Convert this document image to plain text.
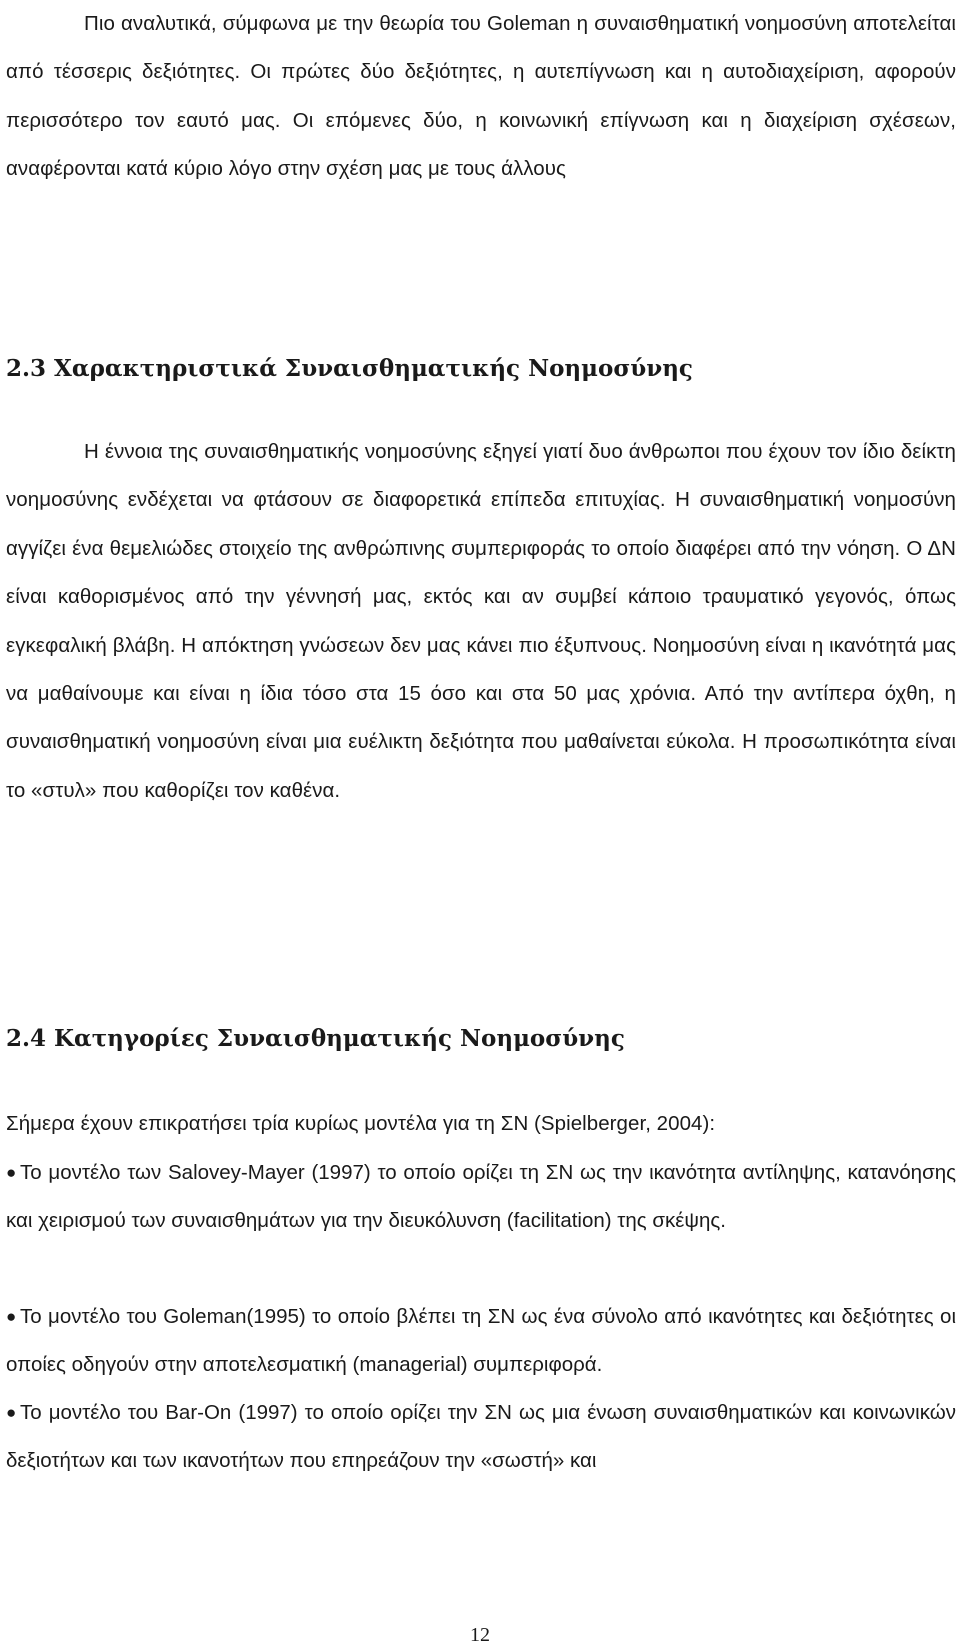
Πιο αναλυτικά, σύμφωνα με την θεωρία του Goleman η συναισθηματική νοημοσύνη αποτελείται από τέσσερις δεξιότητες. Οι πρώτες δύο δεξιότητες, η αυτεπίγνωση και η αυτοδιαχείριση, αφορούν περισσότερο τον εαυτό μας. Οι επόμενες δύο, η κοινωνική επίγνωση και η διαχείριση σχέσεων, αναφέρονται κατά κύριο λόγο στην σχέση μας με τους άλλους

2.3 Χαρακτηριστικά Συναισθηματικής Νοημοσύνης

Η έννοια της συναισθηματικής νοημοσύνης εξηγεί γιατί δυο άνθρωποι που έχουν τον ίδιο δείκτη νοημοσύνης ενδέχεται να φτάσουν σε διαφορετικά επίπεδα επιτυχίας. Η συναισθηματική νοημοσύνη αγγίζει ένα θεμελιώδες στοιχείο της ανθρώπινης συμπεριφοράς το οποίο διαφέρει από την νόηση. Ο ΔΝ είναι καθορισμένος από την γέννησή μας, εκτός και αν συμβεί κάποιο τραυματικό γεγονός, όπως εγκεφαλική βλάβη. Η απόκτηση γνώσεων δεν μας κάνει πιο έξυπνους. Νοημοσύνη είναι η ικανότητά μας να μαθαίνουμε και είναι η ίδια τόσο στα 15 όσο και στα 50 μας χρόνια. Από την αντίπερα όχθη, η συναισθηματική νοημοσύνη είναι μια ευέλικτη δεξιότητα που μαθαίνεται εύκολα. Η προσωπικότητα είναι το «στυλ» που καθορίζει τον καθένα.

2.4 Κατηγορίες Συναισθηματικής Νοημοσύνης

Σήμερα έχουν επικρατήσει τρία κυρίως μοντέλα για τη ΣΝ (Spielberger, 2004):

● Το μοντέλο των Salovey-Mayer (1997) το οποίο ορίζει τη ΣΝ ως την ικανότητα αντίληψης, κατανόησης και χειρισμού των συναισθημάτων για την διευκόλυνση (facilitation) της σκέψης.

● Το μοντέλο του Goleman(1995) το οποίο βλέπει τη ΣΝ ως ένα σύνολο από ικανότητες και δεξιότητες οι οποίες οδηγούν στην αποτελεσματική (managerial) συμπεριφορά.

● Το μοντέλο του Bar-On (1997) το οποίο ορίζει την ΣΝ ως μια ένωση συναισθηματικών και κοινωνικών δεξιοτήτων και των ικανοτήτων που επηρεάζουν την «σωστή» και

12
